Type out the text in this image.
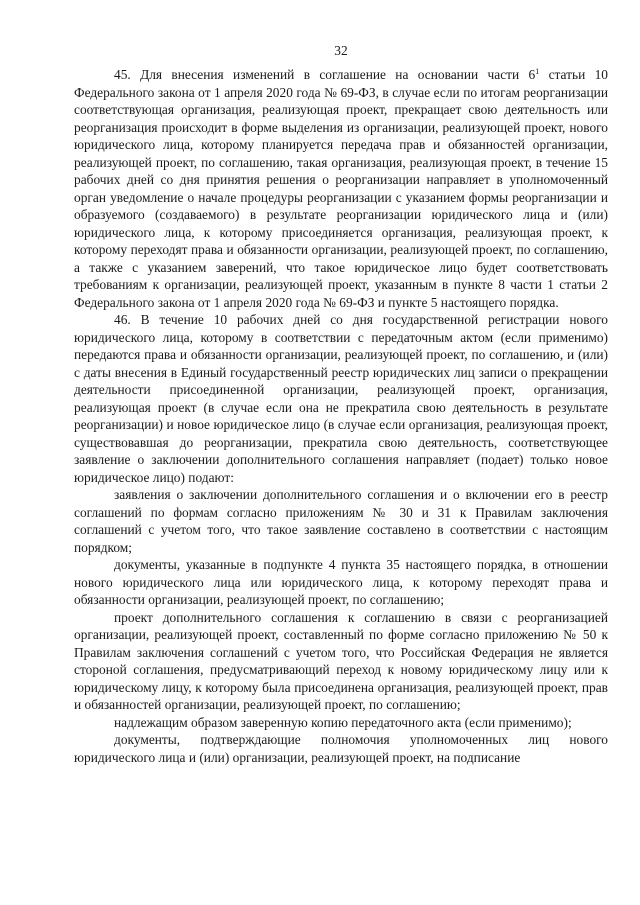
32

45. Для внесения изменений в соглашение на основании части $6^1$ статьи 10 Федерального закона от 1 апреля 2020 года № 69-ФЗ, в случае если по итогам реорганизации соответствующая организация, реализующая проект, прекращает свою деятельность или реорганизация происходит в форме выделения из организации, реализующей проект, нового юридического лица, которому планируется передача прав и обязанностей организации, реализующей проект, по соглашению, такая организация, реализующая проект, в течение 15 рабочих дней со дня принятия решения о реорганизации направляет в уполномоченный орган уведомление о начале процедуры реорганизации с указанием формы реорганизации и образуемого (создаваемого) в результате реорганизации юридического лица и (или) юридического лица, к которому присоединяется организация, реализующая проект, к которому переходят права и обязанности организации, реализующей проект, по соглашению, а также с указанием заверений, что такое юридическое лицо будет соответствовать требованиям к организации, реализующей проект, указанным в пункте 8 части 1 статьи 2 Федерального закона от 1 апреля 2020 года № 69-ФЗ и пункте 5 настоящего порядка.

46. В течение 10 рабочих дней со дня государственной регистрации нового юридического лица, которому в соответствии с передаточным актом (если применимо) передаются права и обязанности организации, реализующей проект, по соглашению, и (или) с даты внесения в Единый государственный реестр юридических лиц записи о прекращении деятельности присоединенной организации, реализующей проект, организация, реализующая проект (в случае если она не прекратила свою деятельность в результате реорганизации) и новое юридическое лицо (в случае если организация, реализующая проект, существовавшая до реорганизации, прекратила свою деятельность, соответствующее заявление о заключении дополнительного соглашения направляет (подает) только новое юридическое лицо) подают:

заявления о заключении дополнительного соглашения и о включении его в реестр соглашений по формам согласно приложениям № 30 и 31 к Правилам заключения соглашений с учетом того, что такое заявление составлено в соответствии с настоящим порядком;

документы, указанные в подпункте 4 пункта 35 настоящего порядка, в отношении нового юридического лица или юридического лица, к которому переходят права и обязанности организации, реализующей проект, по соглашению;

проект дополнительного соглашения к соглашению в связи с реорганизацией организации, реализующей проект, составленный по форме согласно приложению № 50 к Правилам заключения соглашений с учетом того, что Российская Федерация не является стороной соглашения, предусматривающий переход к новому юридическому лицу или к юридическому лицу, к которому была присоединена организация, реализующей проект, прав и обязанностей организации, реализующей проект, по соглашению;

надлежащим образом заверенную копию передаточного акта (если применимо);

документы, подтверждающие полномочия уполномоченных лиц нового юридического лица и (или) организации, реализующей проект, на подписание
